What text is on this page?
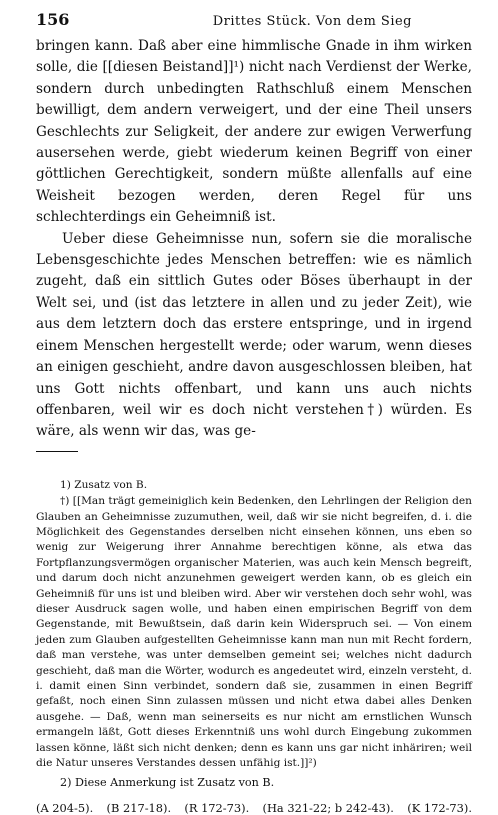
156	Drittes Stück. Von dem Sieg

bringen kann. Daß aber eine himmlische Gnade in ihm wirken solle, die [[diesen Beistand]]¹) nicht nach Verdienst der Werke, sondern durch unbedingten Rathschluß einem Menschen bewilligt, dem andern verweigert, und der eine Theil unsers Geschlechts zur Seligkeit, der andere zur ewigen Verwerfung ausersehen werde, giebt wiederum keinen Begriff von einer göttlichen Gerechtigkeit, sondern müßte allenfalls auf eine Weisheit bezogen werden, deren Regel für uns schlechterdings ein Geheimniß ist.

Ueber diese Geheimnisse nun, sofern sie die moralische Lebensgeschichte jedes Menschen betreffen: wie es nämlich zugeht, daß ein sittlich Gutes oder Böses überhaupt in der Welt sei, und (ist das letztere in allen und zu jeder Zeit), wie aus dem letztern doch das erstere entspringe, und in irgend einem Menschen hergestellt werde; oder warum, wenn dieses an einigen geschieht, andre davon ausgeschlossen bleiben, hat uns Gott nichts offenbart, und kann uns auch nichts offenbaren, weil wir es doch nicht verstehen†) würden. Es wäre, als wenn wir das, was ge-

1) Zusatz von B.

†) [[Man trägt gemeiniglich kein Bedenken, den Lehrlingen der Religion den Glauben an Geheimnisse zuzumuthen, weil, daß wir sie nicht begreifen, d. i. die Möglichkeit des Gegenstandes derselben nicht einsehen können, uns eben so wenig zur Weigerung ihrer Annahme berechtigen könne, als etwa das Fortpflanzungsvermögen organischer Materien, was auch kein Mensch begreift, und darum doch nicht anzunehmen geweigert werden kann, ob es gleich ein Geheimniß für uns ist und bleiben wird. Aber wir verstehen doch sehr wohl, was dieser Ausdruck sagen wolle, und haben einen empirischen Begriff von dem Gegenstande, mit Bewußtsein, daß darin kein Widerspruch sei. — Von einem jeden zum Glauben aufgestellten Geheimnisse kann man nun mit Recht fordern, daß man verstehe, was unter demselben gemeint sei; welches nicht dadurch geschieht, daß man die Wörter, wodurch es angedeutet wird, einzeln versteht, d. i. damit einen Sinn verbindet, sondern daß sie, zusammen in einen Begriff gefaßt, noch einen Sinn zulassen müssen und nicht etwa dabei alles Denken ausgehe. — Daß, wenn man seinerseits es nur nicht am ernstlichen Wunsch ermangeln läßt, Gott dieses Erkenntniß uns wohl durch Eingebung zukommen lassen könne, läßt sich nicht denken; denn es kann uns gar nicht inhäriren; weil die Natur unseres Verstandes dessen unfähig ist.]]²)

2) Diese Anmerkung ist Zusatz von B.

(A 204-5). (B 217-18). (R 172-73). (Ha 321-22; b 242-43). (K 172-73).
